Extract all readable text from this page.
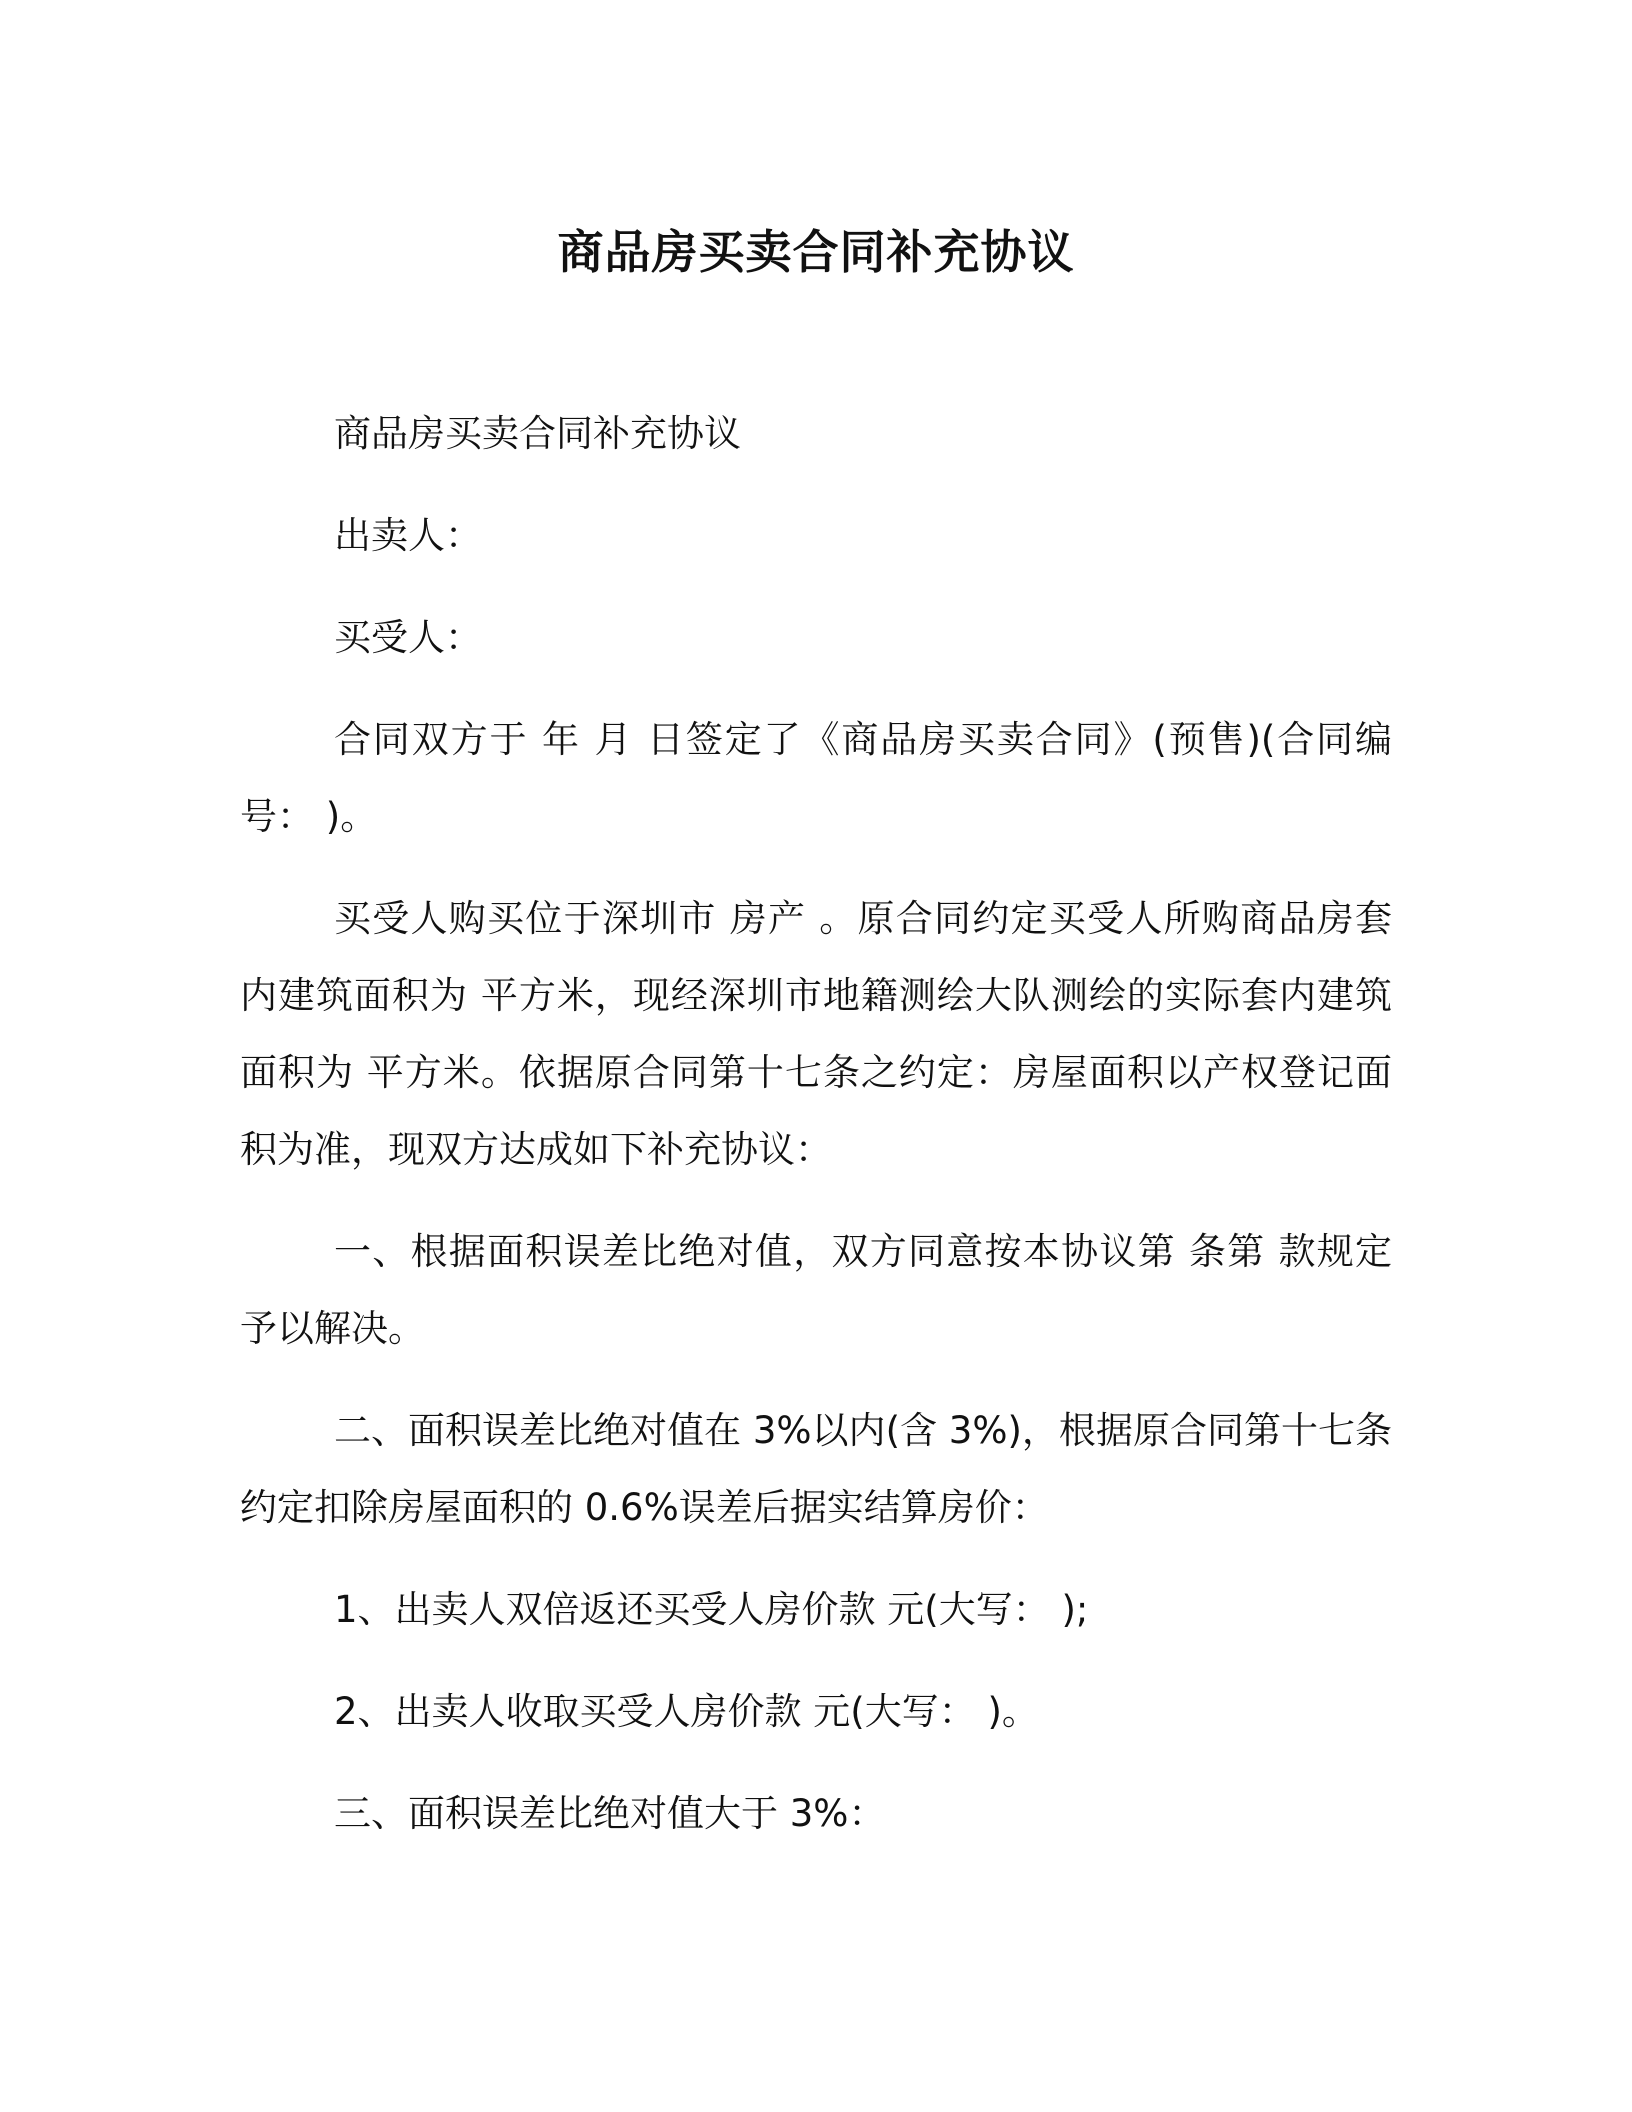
商品房买卖合同补充协议

商品房买卖合同补充协议

出卖人：

买受人：

合同双方于 年 月 日签定了《商品房买卖合同》(预售)(合同编号： )。

买受人购买位于深圳市 房产 。原合同约定买受人所购商品房套内建筑面积为 平方米，现经深圳市地籍测绘大队测绘的实际套内建筑面积为 平方米。依据原合同第十七条之约定：房屋面积以产权登记面积为准，现双方达成如下补充协议：

一、根据面积误差比绝对值，双方同意按本协议第 条第 款规定予以解决。

二、面积误差比绝对值在 3%以内(含 3%)，根据原合同第十七条约定扣除房屋面积的 0.6%误差后据实结算房价：

1、出卖人双倍返还买受人房价款 元(大写： );

2、出卖人收取买受人房价款 元(大写： )。

三、面积误差比绝对值大于 3%：
